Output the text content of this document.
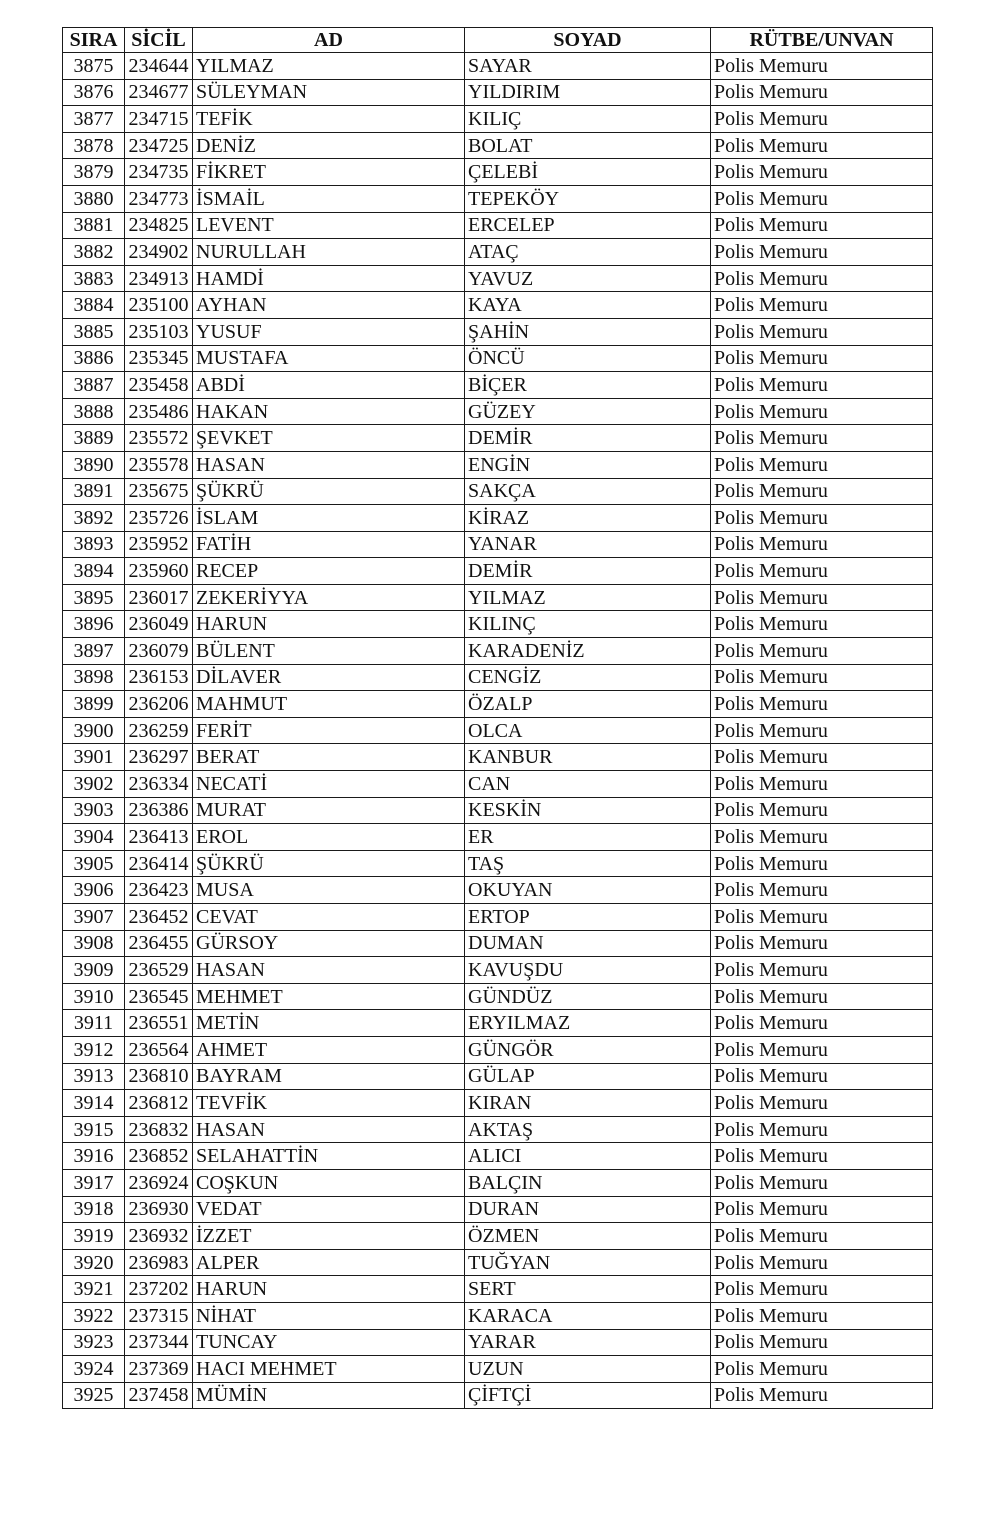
SIRA	SİCİL	AD	SOYAD	RÜTBE/UNVAN
3875	234644	YILMAZ	SAYAR	Polis Memuru
3876	234677	SÜLEYMAN	YILDIRIM	Polis Memuru
3877	234715	TEFİK	KILIÇ	Polis Memuru
3878	234725	DENİZ	BOLAT	Polis Memuru
3879	234735	FİKRET	ÇELEBİ	Polis Memuru
3880	234773	İSMAİL	TEPEKÖY	Polis Memuru
3881	234825	LEVENT	ERCELEP	Polis Memuru
3882	234902	NURULLAH	ATAÇ	Polis Memuru
3883	234913	HAMDİ	YAVUZ	Polis Memuru
3884	235100	AYHAN	KAYA	Polis Memuru
3885	235103	YUSUF	ŞAHİN	Polis Memuru
3886	235345	MUSTAFA	ÖNCÜ	Polis Memuru
3887	235458	ABDİ	BİÇER	Polis Memuru
3888	235486	HAKAN	GÜZEY	Polis Memuru
3889	235572	ŞEVKET	DEMİR	Polis Memuru
3890	235578	HASAN	ENGİN	Polis Memuru
3891	235675	ŞÜKRÜ	SAKÇA	Polis Memuru
3892	235726	İSLAM	KİRAZ	Polis Memuru
3893	235952	FATİH	YANAR	Polis Memuru
3894	235960	RECEP	DEMİR	Polis Memuru
3895	236017	ZEKERİYYA	YILMAZ	Polis Memuru
3896	236049	HARUN	KILINÇ	Polis Memuru
3897	236079	BÜLENT	KARADENİZ	Polis Memuru
3898	236153	DİLAVER	CENGİZ	Polis Memuru
3899	236206	MAHMUT	ÖZALP	Polis Memuru
3900	236259	FERİT	OLCA	Polis Memuru
3901	236297	BERAT	KANBUR	Polis Memuru
3902	236334	NECATİ	CAN	Polis Memuru
3903	236386	MURAT	KESKİN	Polis Memuru
3904	236413	EROL	ER	Polis Memuru
3905	236414	ŞÜKRÜ	TAŞ	Polis Memuru
3906	236423	MUSA	OKUYAN	Polis Memuru
3907	236452	CEVAT	ERTOP	Polis Memuru
3908	236455	GÜRSOY	DUMAN	Polis Memuru
3909	236529	HASAN	KAVUŞDU	Polis Memuru
3910	236545	MEHMET	GÜNDÜZ	Polis Memuru
3911	236551	METİN	ERYILMAZ	Polis Memuru
3912	236564	AHMET	GÜNGÖR	Polis Memuru
3913	236810	BAYRAM	GÜLAP	Polis Memuru
3914	236812	TEVFİK	KIRAN	Polis Memuru
3915	236832	HASAN	AKTAŞ	Polis Memuru
3916	236852	SELAHATTİN	ALICI	Polis Memuru
3917	236924	COŞKUN	BALÇIN	Polis Memuru
3918	236930	VEDAT	DURAN	Polis Memuru
3919	236932	İZZET	ÖZMEN	Polis Memuru
3920	236983	ALPER	TUĞYAN	Polis Memuru
3921	237202	HARUN	SERT	Polis Memuru
3922	237315	NİHAT	KARACA	Polis Memuru
3923	237344	TUNCAY	YARAR	Polis Memuru
3924	237369	HACI MEHMET	UZUN	Polis Memuru
3925	237458	MÜMİN	ÇİFTÇİ	Polis Memuru
